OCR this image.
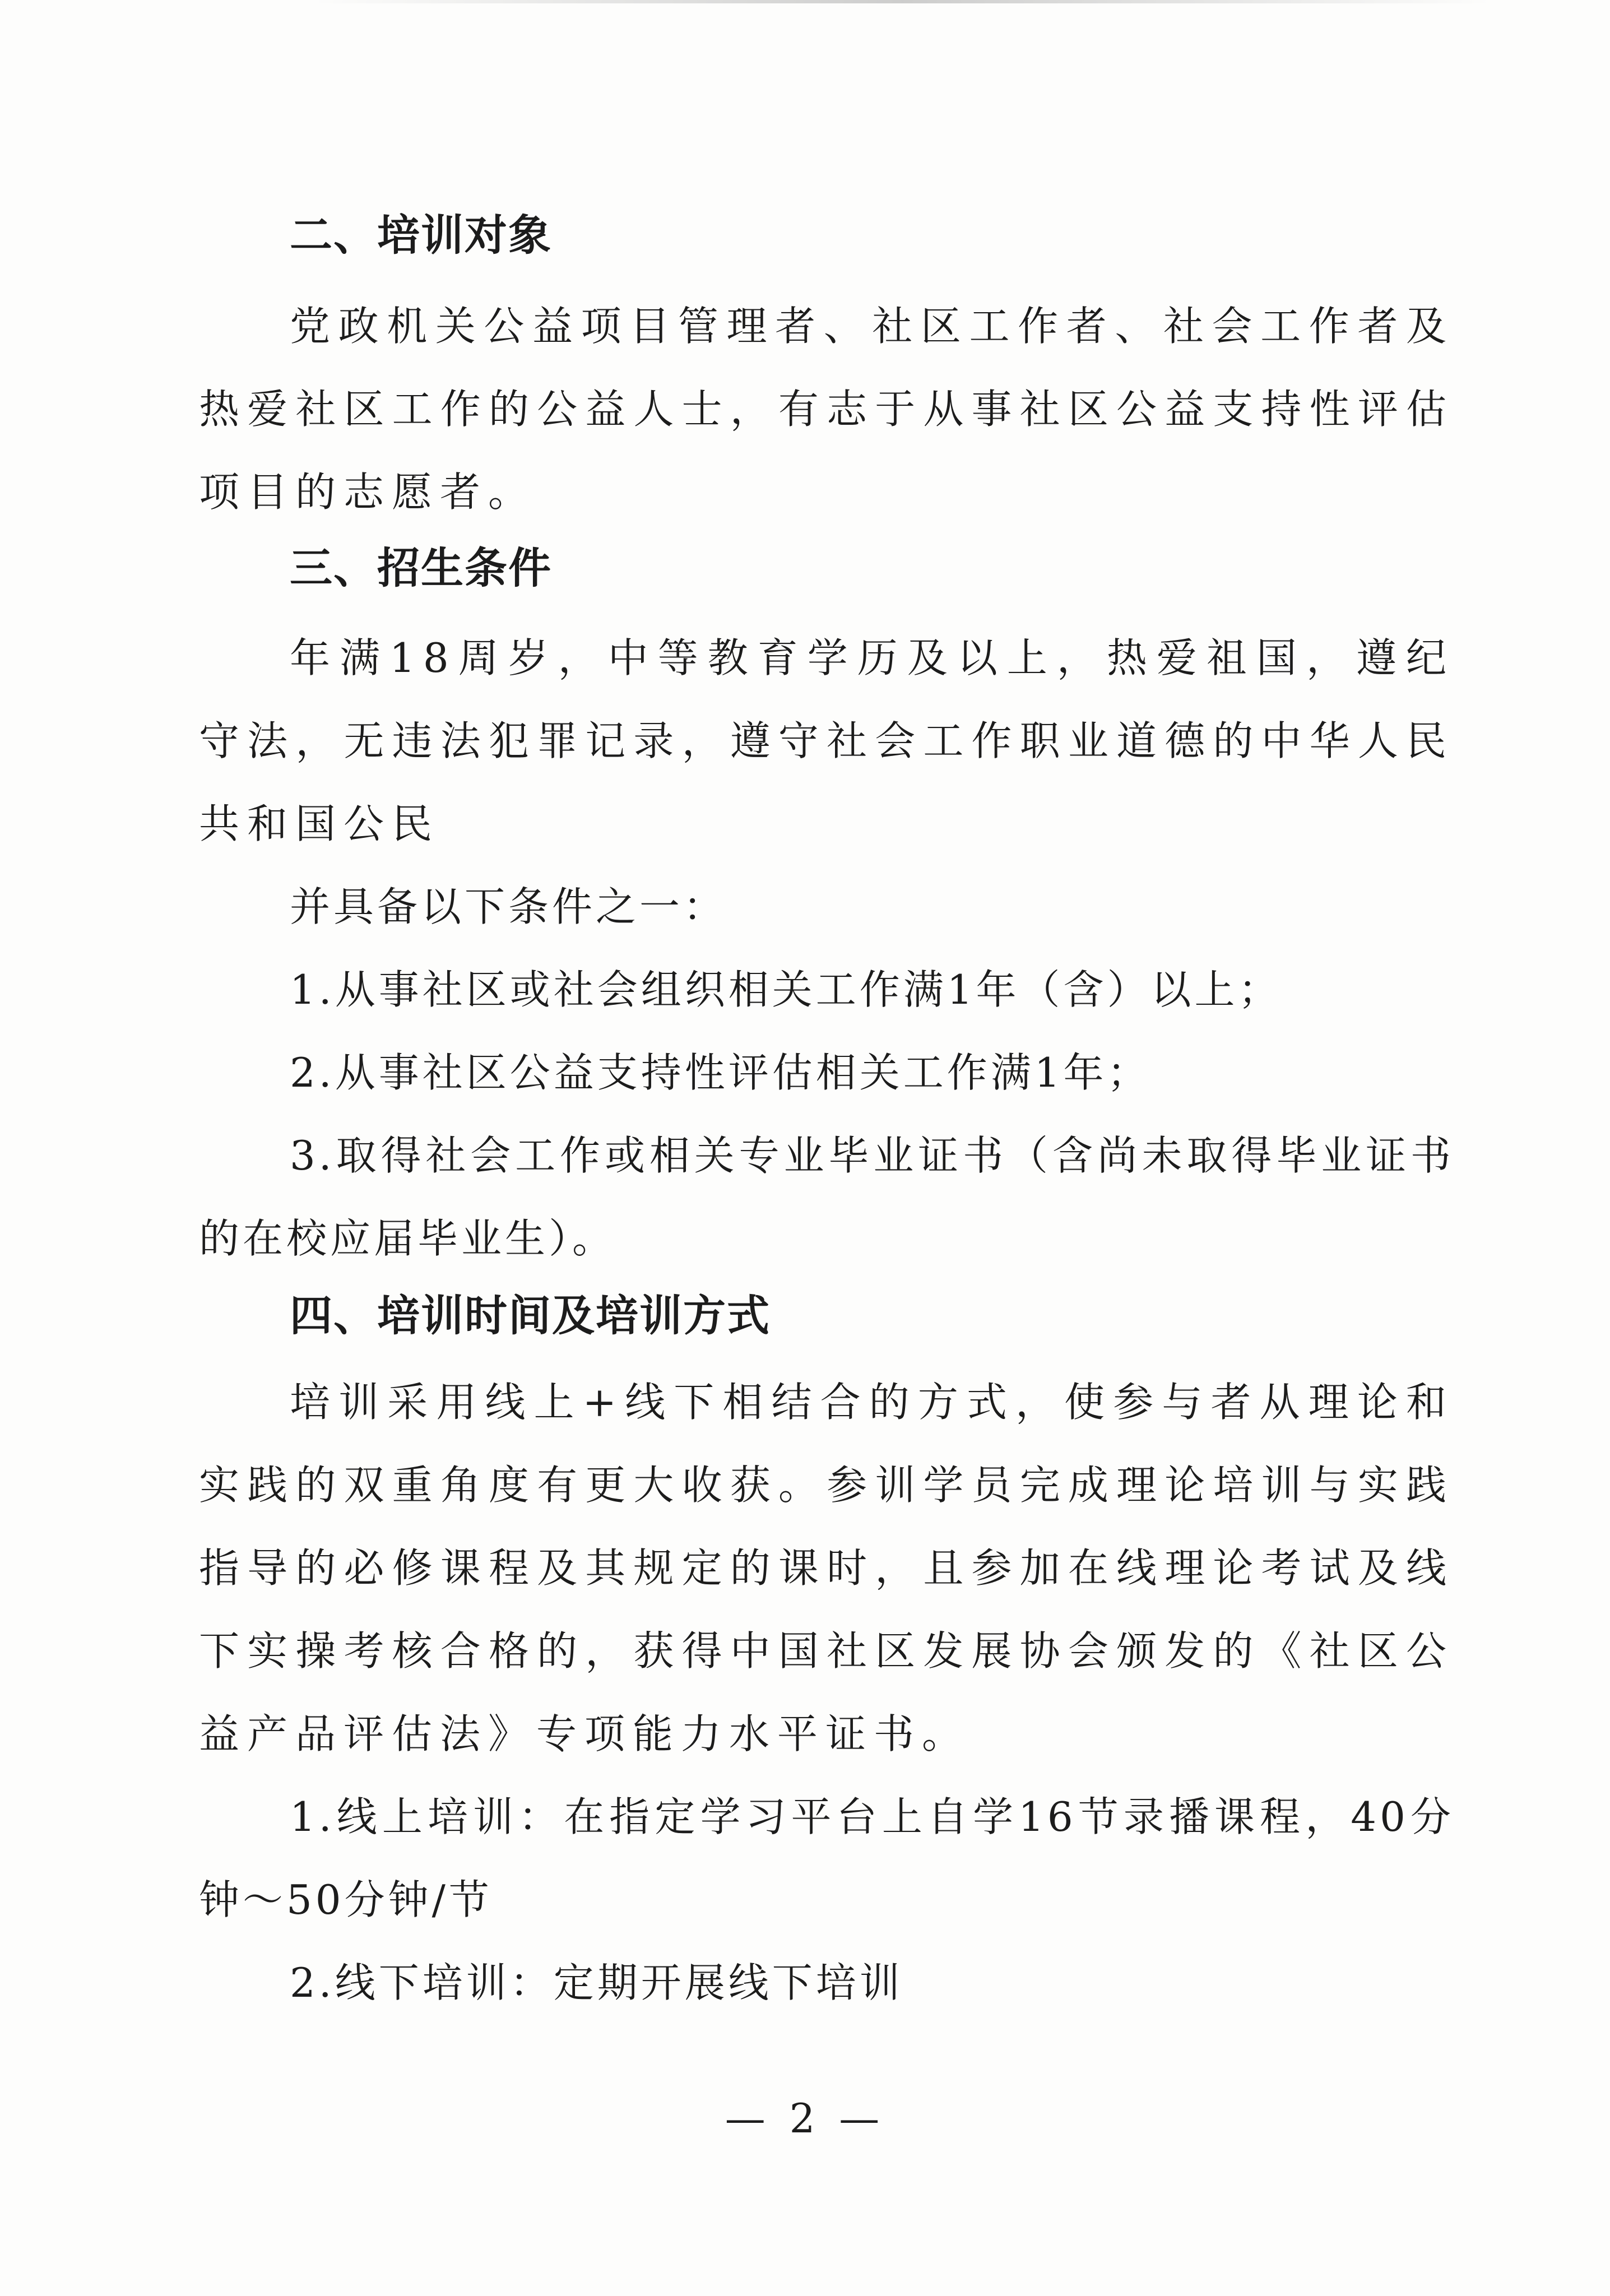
二、培训对象

党政机关公益项目管理者、社区工作者、社会工作者及热爱社区工作的公益人士，有志于从事社区公益支持性评估项目的志愿者。

三、招生条件

年满18周岁，中等教育学历及以上，热爱祖国，遵纪守法，无违法犯罪记录，遵守社会工作职业道德的中华人民共和国公民

并具备以下条件之一：

1.从事社区或社会组织相关工作满1年（含）以上；

2.从事社区公益支持性评估相关工作满1年；

3.取得社会工作或相关专业毕业证书（含尚未取得毕业证书的在校应届毕业生）。

四、培训时间及培训方式

培训采用线上+线下相结合的方式，使参与者从理论和实践的双重角度有更大收获。参训学员完成理论培训与实践指导的必修课程及其规定的课时，且参加在线理论考试及线下实操考核合格的，获得中国社区发展协会颁发的《社区公益产品评估法》专项能力水平证书。

1.线上培训：在指定学习平台上自学16节录播课程，40分钟～50分钟/节

2.线下培训：定期开展线下培训

— 2 —
